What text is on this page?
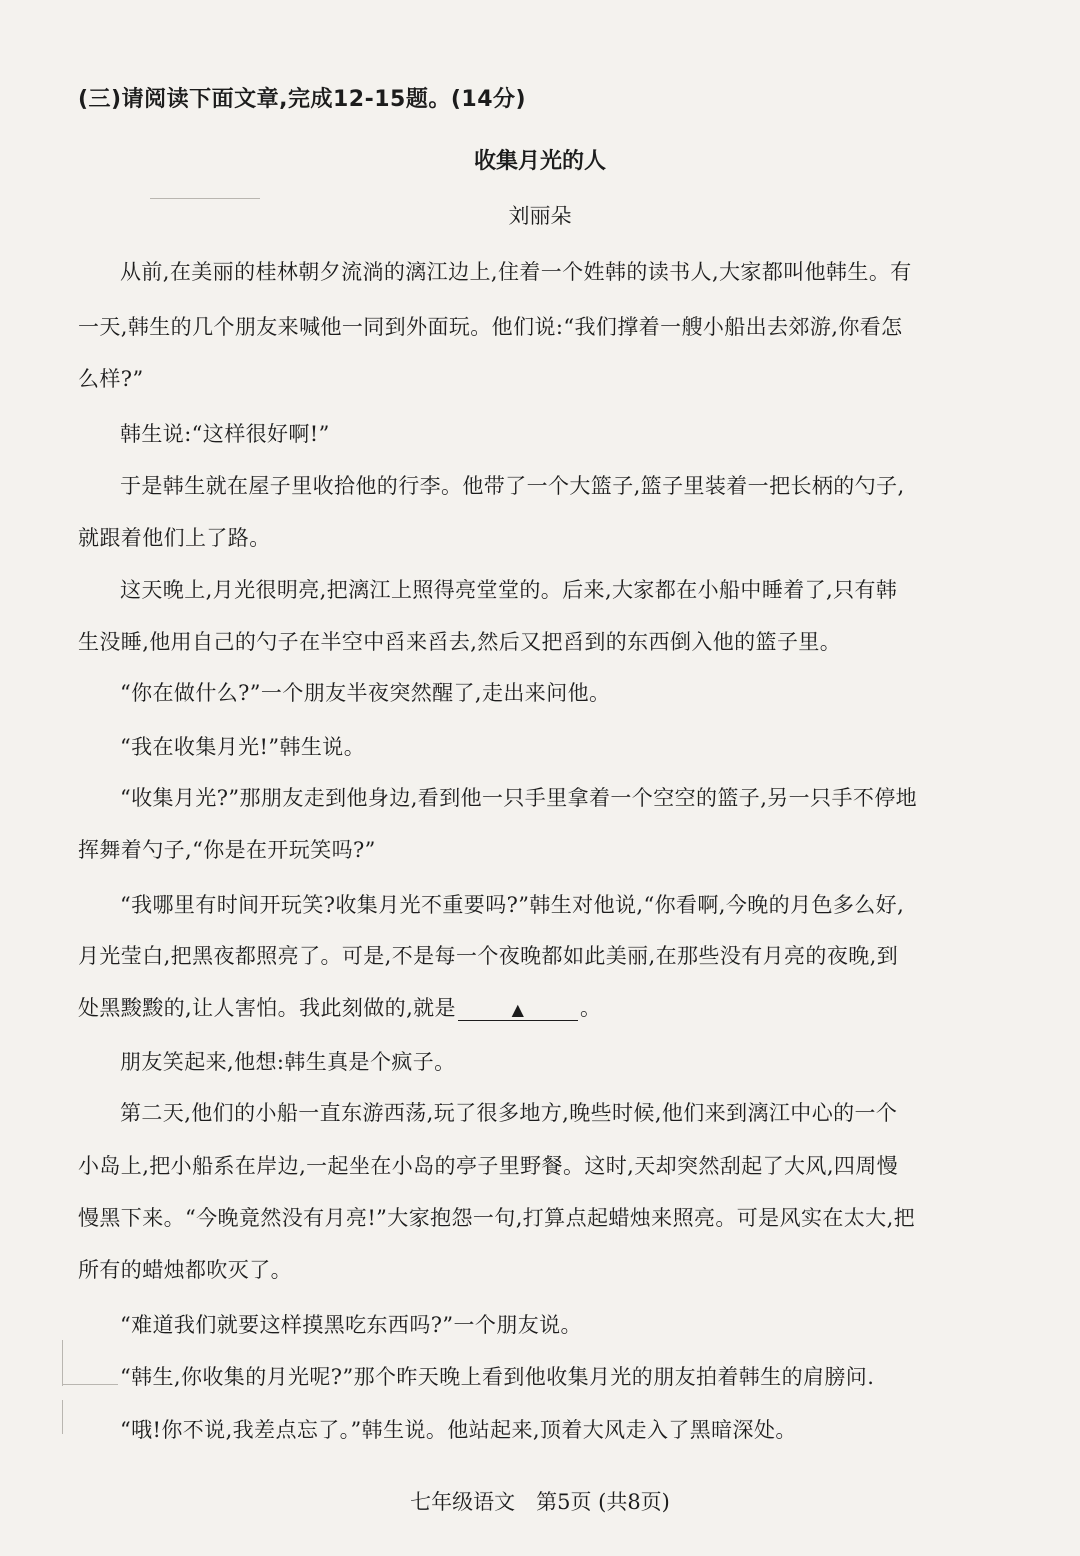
(三)请阅读下面文章,完成12-15题。(14分)
收集月光的人
刘丽朵
从前,在美丽的桂林朝夕流淌的漓江边上,住着一个姓韩的读书人,大家都叫他韩生。有
一天,韩生的几个朋友来喊他一同到外面玩。他们说:“我们撑着一艘小船出去郊游,你看怎
么样?”
韩生说:“这样很好啊!”
于是韩生就在屋子里收拾他的行李。他带了一个大篮子,篮子里装着一把长柄的勺子,
就跟着他们上了路。
这天晚上,月光很明亮,把漓江上照得亮堂堂的。后来,大家都在小船中睡着了,只有韩
生没睡,他用自己的勺子在半空中舀来舀去,然后又把舀到的东西倒入他的篮子里。
“你在做什么?”一个朋友半夜突然醒了,走出来问他。
“我在收集月光!”韩生说。
“收集月光?”那朋友走到他身边,看到他一只手里拿着一个空空的篮子,另一只手不停地
挥舞着勺子,“你是在开玩笑吗?”
“我哪里有时间开玩笑?收集月光不重要吗?”韩生对他说,“你看啊,今晚的月色多么好,
月光莹白,把黑夜都照亮了。可是,不是每一个夜晚都如此美丽,在那些没有月亮的夜晚,到
处黑黢黢的,让人害怕。我此刻做的,就是	▲	。
朋友笑起来,他想:韩生真是个疯子。
第二天,他们的小船一直东游西荡,玩了很多地方,晚些时候,他们来到漓江中心的一个
小岛上,把小船系在岸边,一起坐在小岛的亭子里野餐。这时,天却突然刮起了大风,四周慢
慢黑下来。“今晚竟然没有月亮!”大家抱怨一句,打算点起蜡烛来照亮。可是风实在太大,把
所有的蜡烛都吹灭了。
“难道我们就要这样摸黑吃东西吗?”一个朋友说。
“韩生,你收集的月光呢?”那个昨天晚上看到他收集月光的朋友拍着韩生的肩膀问.
“哦!你不说,我差点忘了。”韩生说。他站起来,顶着大风走入了黑暗深处。
七年级语文　第5页 (共8页)
